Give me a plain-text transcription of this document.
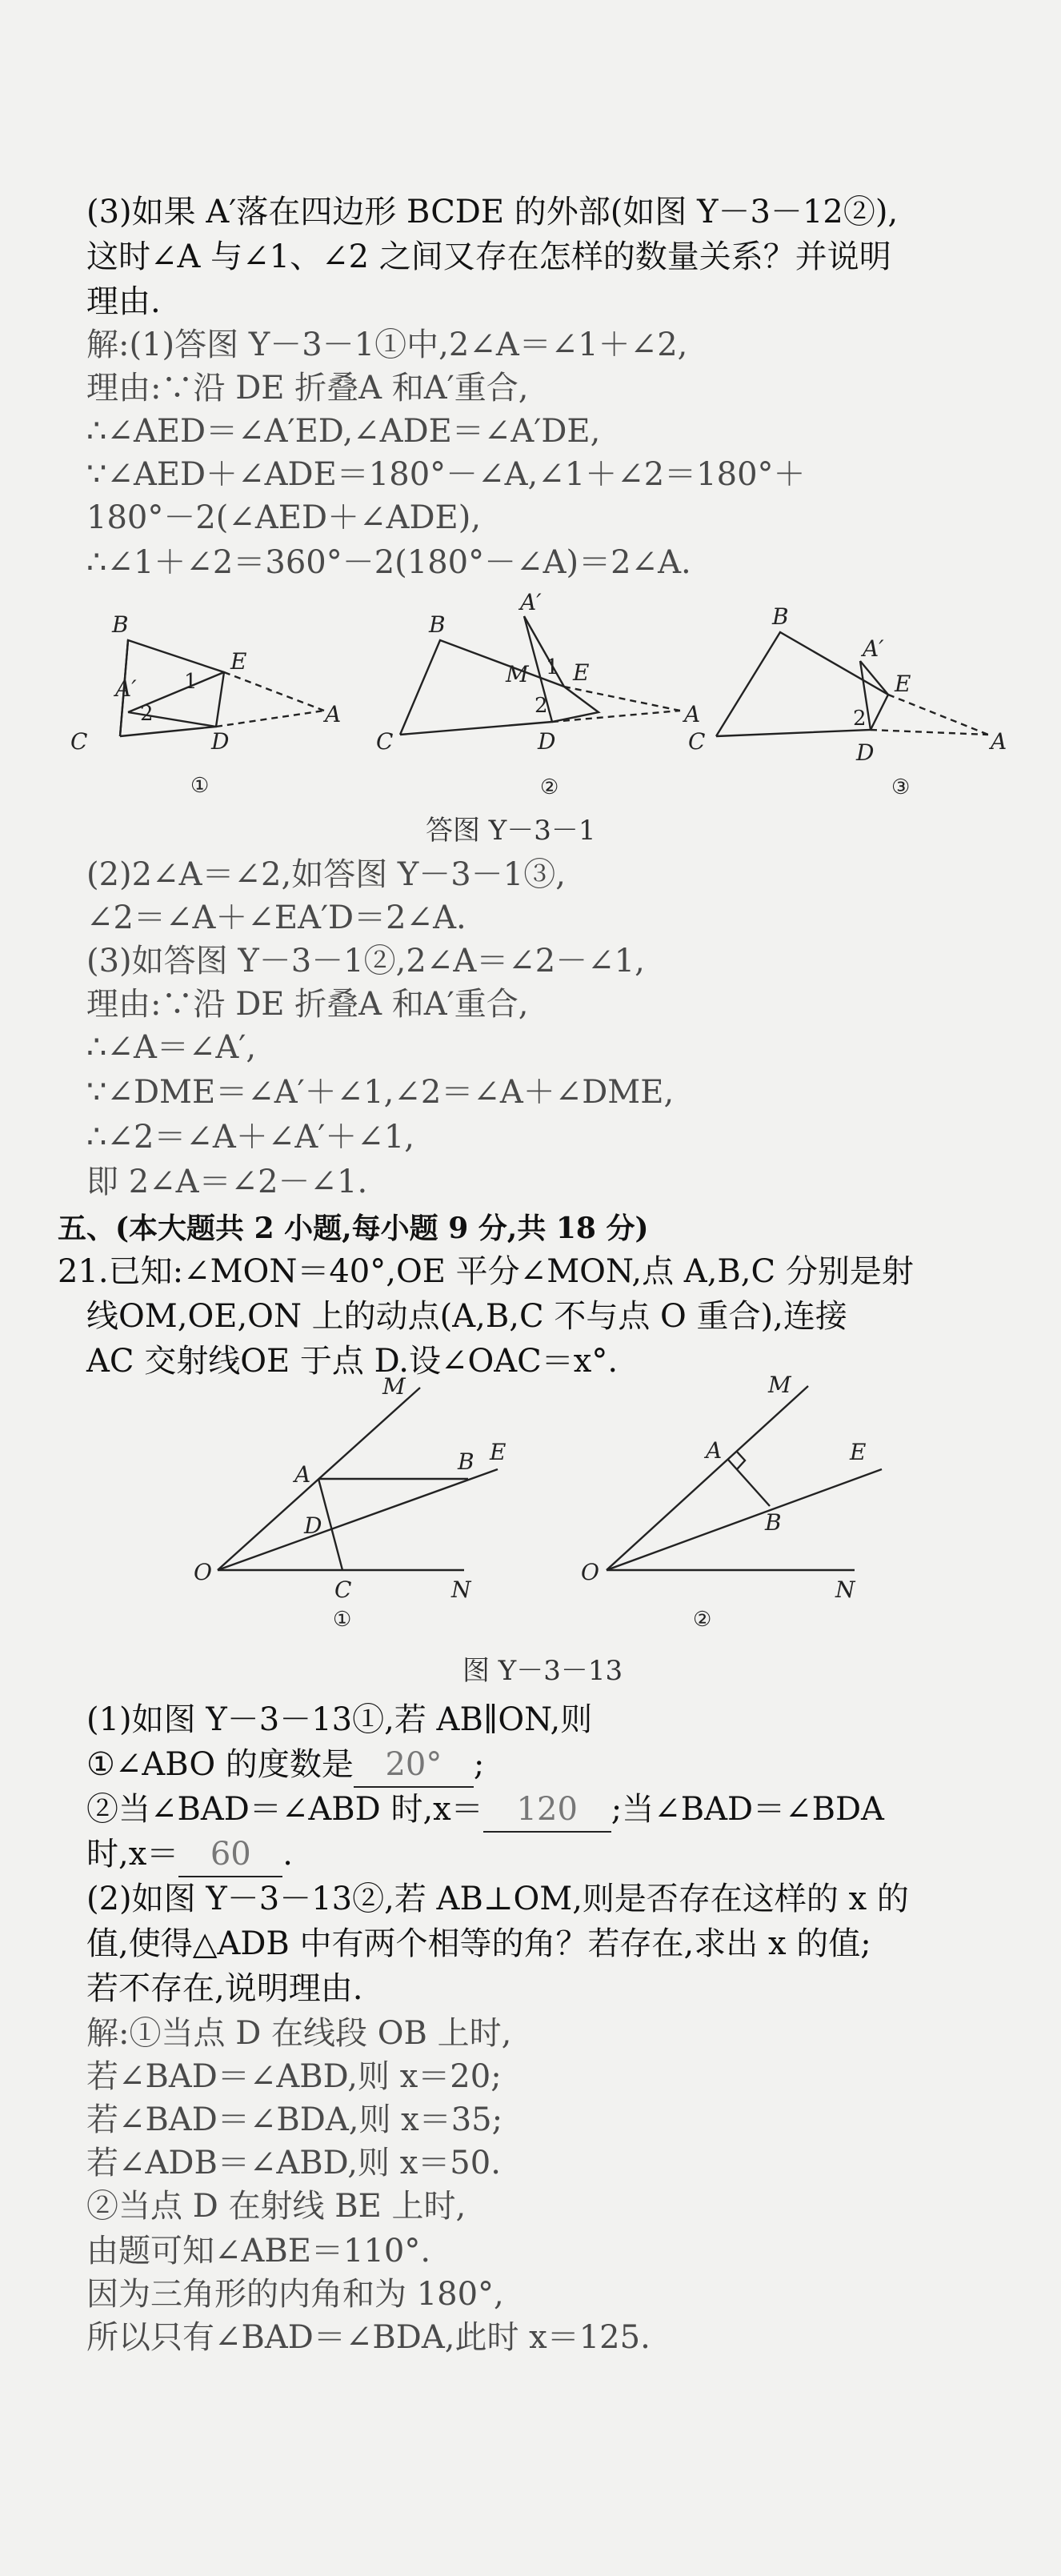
(3)如果 A′落在四边形 BCDE 的外部(如图 Y－3－12②),
这时∠A 与∠1、∠2 之间又存在怎样的数量关系？并说明
理由.
解:(1)答图 Y－3－1①中,2∠A＝∠1＋∠2,
理由:∵沿 DE 折叠A 和A′重合,
∴∠AED＝∠A′ED,∠ADE＝∠A′DE,
∵∠AED＋∠ADE＝180°－∠A,∠1＋∠2＝180°＋
180°－2(∠AED＋∠ADE),
∴∠1＋∠2＝360°－2(180°－∠A)＝2∠A.
B
E
A′ 1
2	A
C	D
①
B
A′
M 1 E
2	A
C	D
②
B
A′
E
2
A
C	D
③
答图 Y－3－1
(2)2∠A＝∠2,如答图 Y－3－1③,
∠2＝∠A＋∠EA′D＝2∠A.
(3)如答图 Y－3－1②,2∠A＝∠2－∠1,
理由:∵沿 DE 折叠A 和A′重合,
∴∠A＝∠A′,
∵∠DME＝∠A′＋∠1,∠2＝∠A＋∠DME,
∴∠2＝∠A＋∠A′＋∠1,
即 2∠A＝∠2－∠1.
五、(本大题共 2 小题,每小题 9 分,共 18 分)
21.已知:∠MON＝40°,OE 平分∠MON,点 A,B,C 分别是射
线OM,OE,ON 上的动点(A,B,C 不与点 O 重合),连接
AC 交射线OE 于点 D.设∠OAC＝x°.
M
A	B E
D
O
C	N
①
M
A	E
B
O
N
②
图 Y－3－13
(1)如图 Y－3－13①,若 AB∥ON,则
①∠ABO 的度数是 20° ;
②当∠BAD＝∠ABD 时,x＝ 120 ;当∠BAD＝∠BDA
时,x＝ 60 .
(2)如图 Y－3－13②,若 AB⊥OM,则是否存在这样的 x 的
值,使得△ADB 中有两个相等的角？若存在,求出 x 的值;
若不存在,说明理由.
解:①当点 D 在线段 OB 上时,
若∠BAD＝∠ABD,则 x＝20;
若∠BAD＝∠BDA,则 x＝35;
若∠ADB＝∠ABD,则 x＝50.
②当点 D 在射线 BE 上时,
由题可知∠ABE＝110°.
因为三角形的内角和为 180°,
所以只有∠BAD＝∠BDA,此时 x＝125.
